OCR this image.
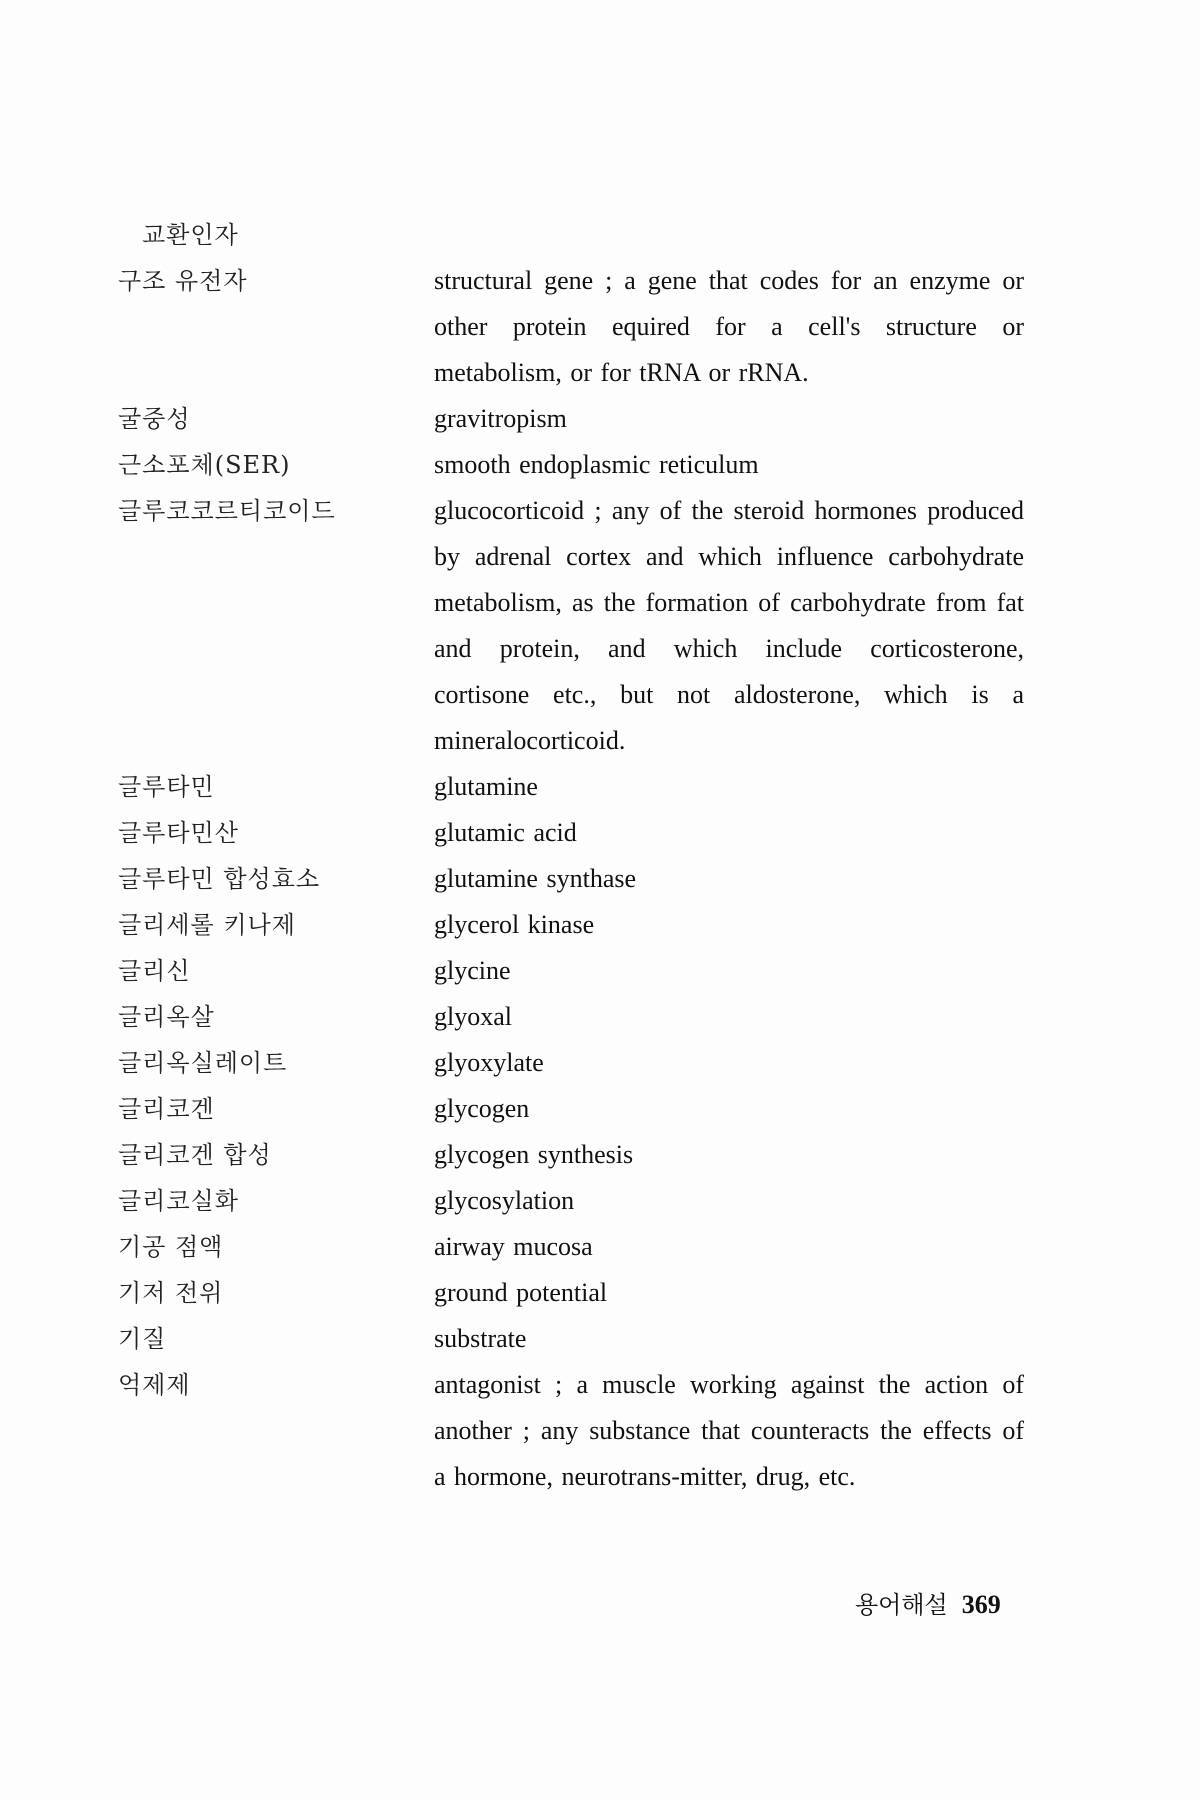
교환인자
구조 유전자	structural gene ; a gene that codes for an enzyme or other protein equired for a cell's structure or metabolism, or for tRNA or rRNA.
굴중성	gravitropism
근소포체(SER)	smooth endoplasmic reticulum
글루코코르티코이드	glucocorticoid ; any of the steroid hormones produced by adrenal cortex and which influence carbohydrate metabolism, as the formation of carbohydrate from fat and protein, and which include corticosterone, cortisone etc., but not aldosterone, which is a mineralocorticoid.
글루타민	glutamine
글루타민산	glutamic acid
글루타민 합성효소	glutamine synthase
글리세롤 키나제	glycerol kinase
글리신	glycine
글리옥살	glyoxal
글리옥실레이트	glyoxylate
글리코겐	glycogen
글리코겐 합성	glycogen synthesis
글리코실화	glycosylation
기공 점액	airway mucosa
기저 전위	ground potential
기질	substrate
억제제	antagonist ; a muscle working against the action of another ; any substance that counteracts the effects of a hormone, neurotrans-mitter, drug, etc.
용어해설 369
